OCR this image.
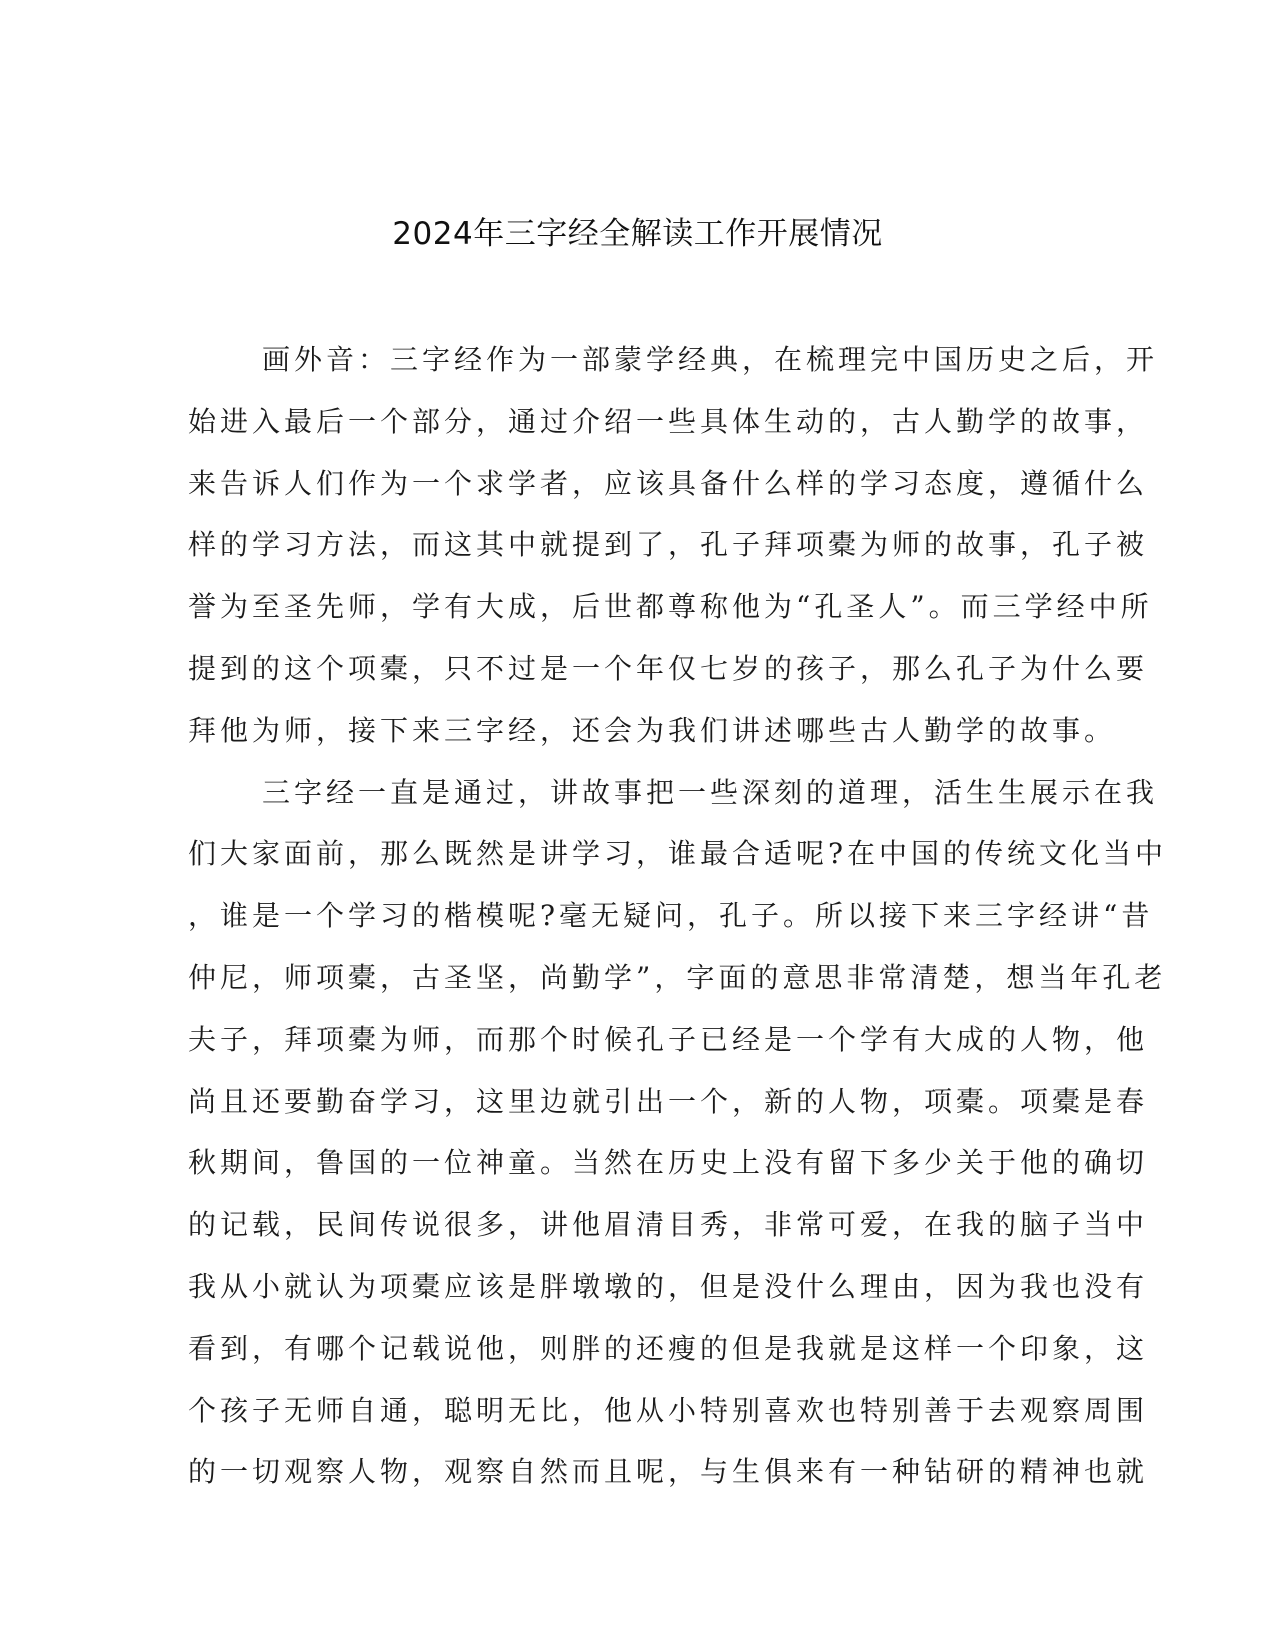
2024年三字经全解读工作开展情况
画外音：三字经作为一部蒙学经典，在梳理完中国历史之后，开
始进入最后一个部分，通过介绍一些具体生动的，古人勤学的故事，
来告诉人们作为一个求学者，应该具备什么样的学习态度，遵循什么
样的学习方法，而这其中就提到了，孔子拜项橐为师的故事，孔子被
誉为至圣先师，学有大成，后世都尊称他为“孔圣人”。而三学经中所
提到的这个项橐，只不过是一个年仅七岁的孩子，那么孔子为什么要
拜他为师，接下来三字经，还会为我们讲述哪些古人勤学的故事。
三字经一直是通过，讲故事把一些深刻的道理，活生生展示在我
们大家面前，那么既然是讲学习，谁最合适呢?在中国的传统文化当中
，谁是一个学习的楷模呢?毫无疑问，孔子。所以接下来三字经讲“昔
仲尼，师项橐，古圣坚，尚勤学”，字面的意思非常清楚，想当年孔老
夫子，拜项橐为师，而那个时候孔子已经是一个学有大成的人物，他
尚且还要勤奋学习，这里边就引出一个，新的人物，项橐。项橐是春
秋期间，鲁国的一位神童。当然在历史上没有留下多少关于他的确切
的记载，民间传说很多，讲他眉清目秀，非常可爱，在我的脑子当中
我从小就认为项橐应该是胖墩墩的，但是没什么理由，因为我也没有
看到，有哪个记载说他，则胖的还瘦的但是我就是这样一个印象，这
个孩子无师自通，聪明无比，他从小特别喜欢也特别善于去观察周围
的一切观察人物，观察自然而且呢，与生俱来有一种钻研的精神也就
